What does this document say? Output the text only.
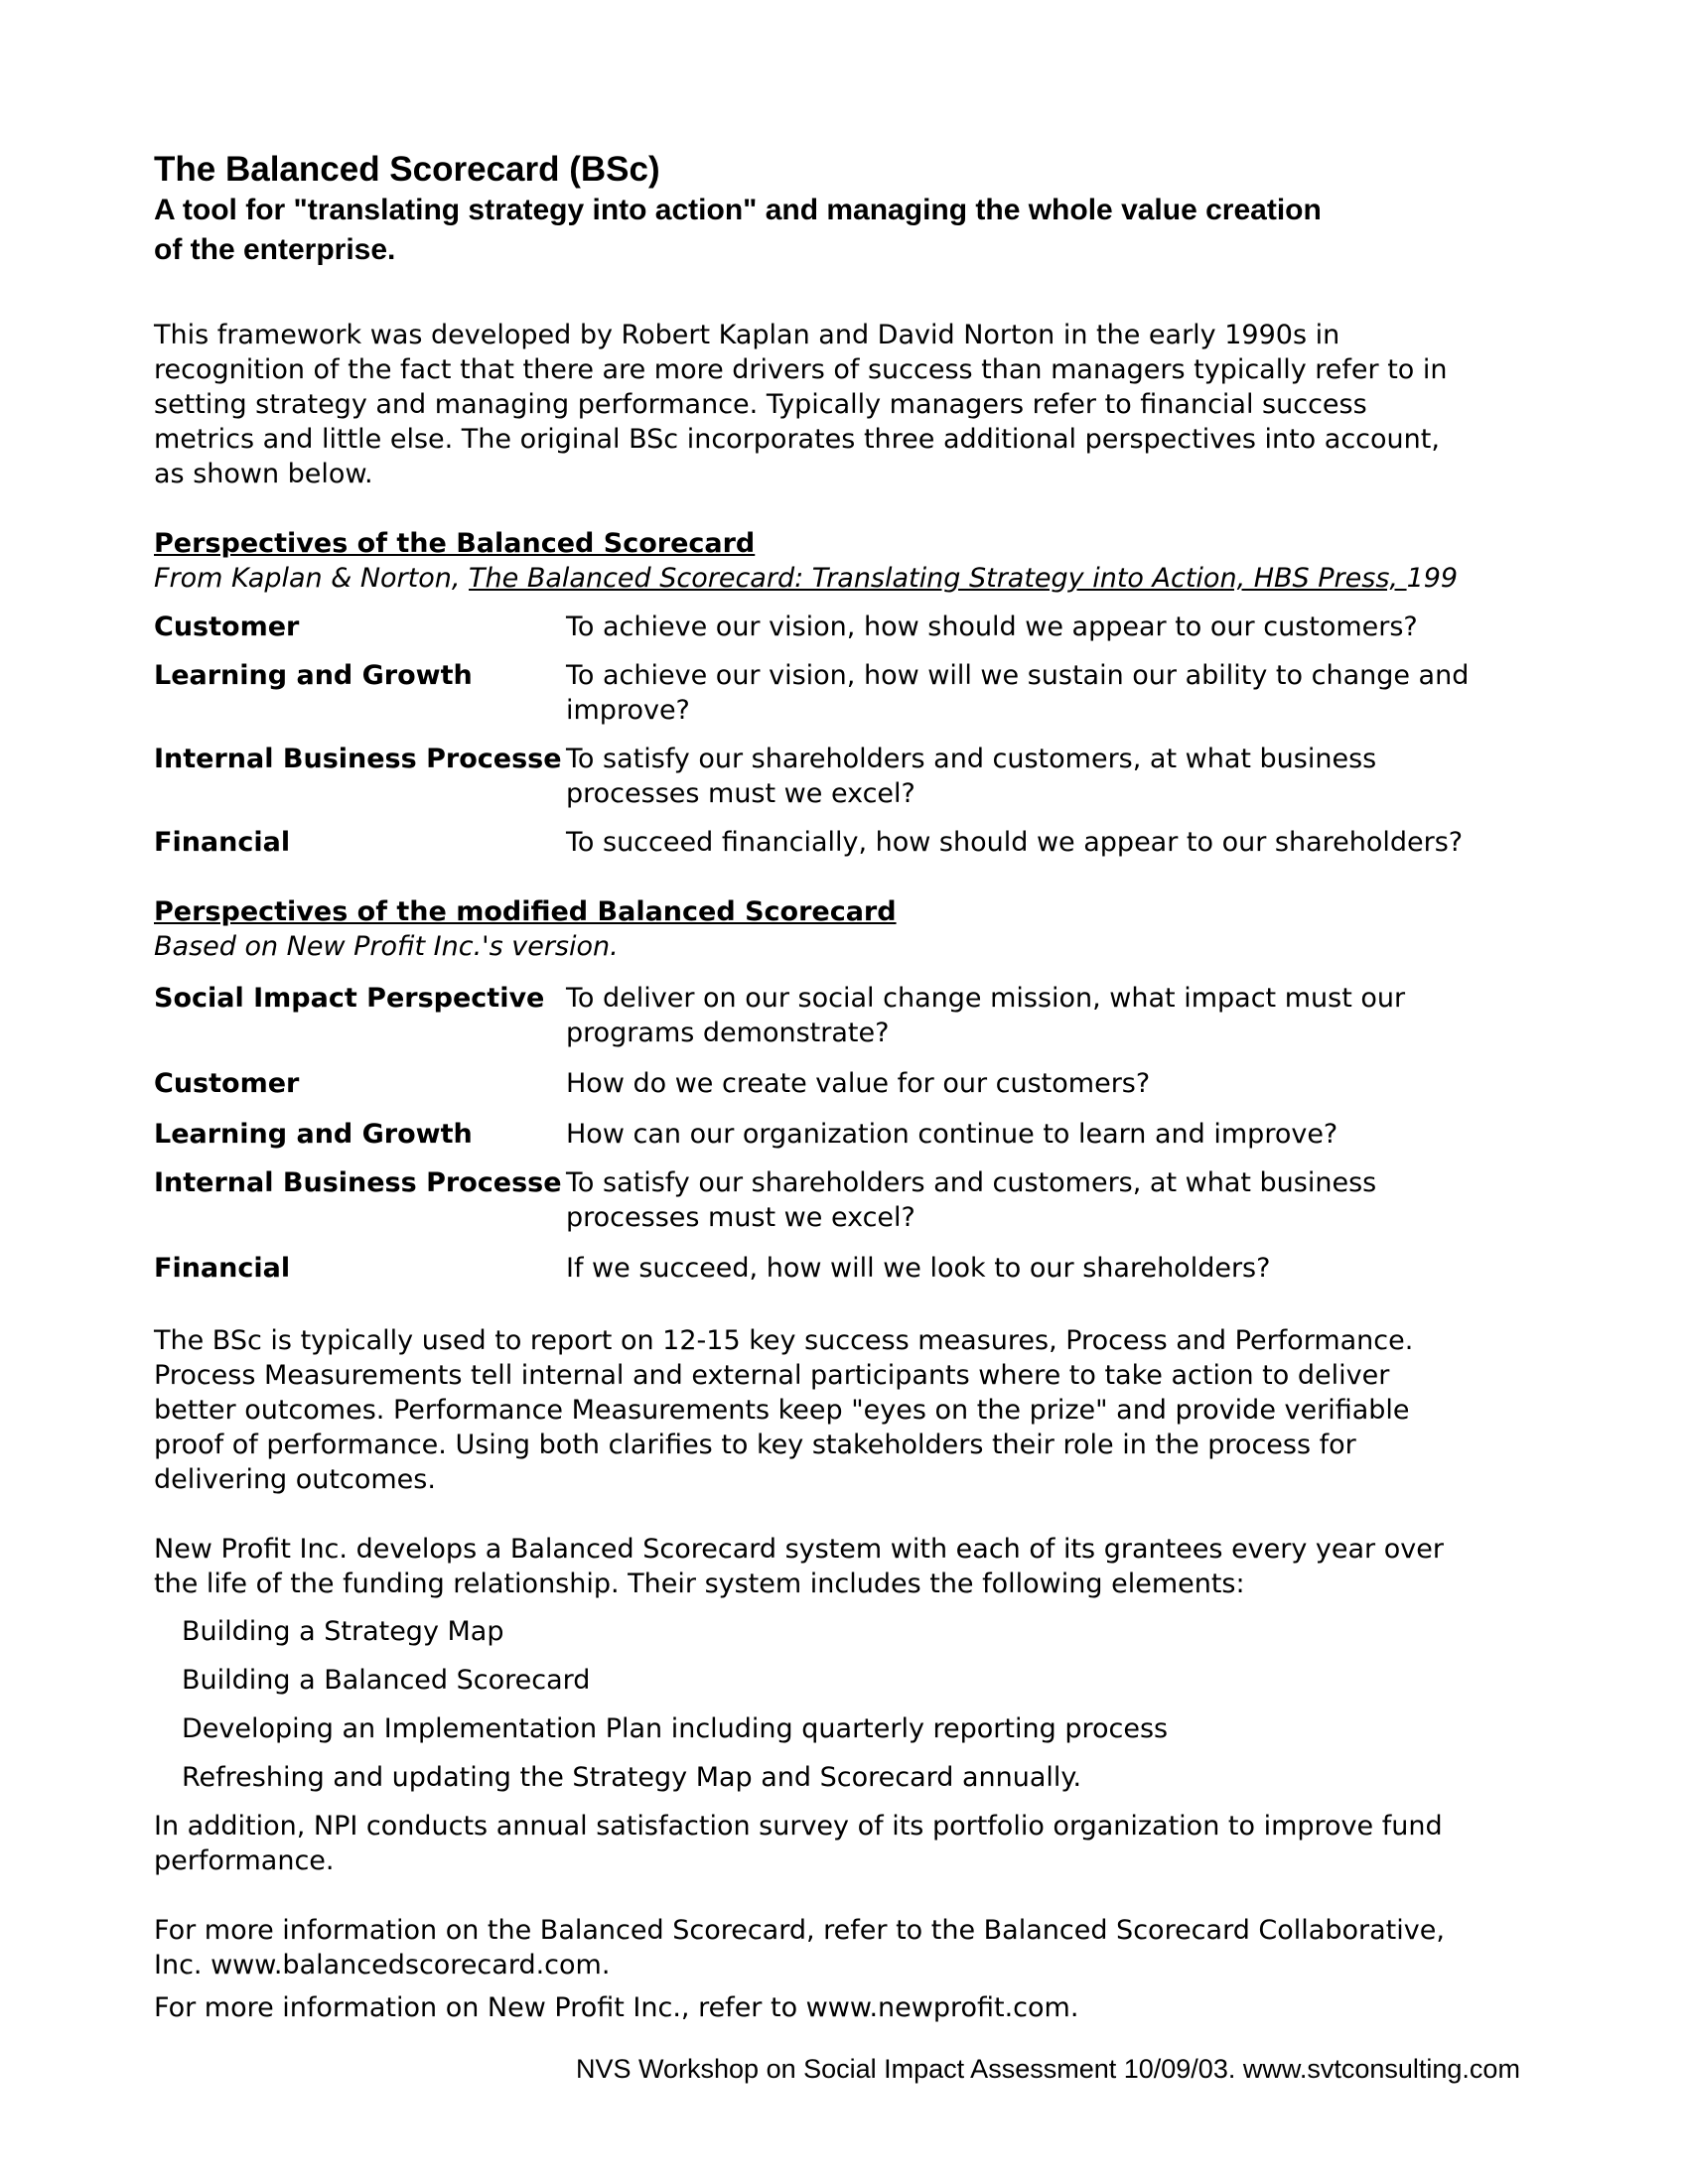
The Balanced Scorecard (BSc)

A tool for "translating strategy into action" and managing the whole value creation of the enterprise.

This framework was developed by Robert Kaplan and David Norton in the early 1990s in recognition of the fact that there are more drivers of success than managers typically refer to in setting strategy and managing performance. Typically managers refer to financial success metrics and little else. The original BSc incorporates three additional perspectives into account, as shown below.

Perspectives of the Balanced Scorecard
From Kaplan & Norton, The Balanced Scorecard: Translating Strategy into Action, HBS Press, 199
Customer	To achieve our vision, how should we appear to our customers?
Learning and Growth	To achieve our vision, how will we sustain our ability to change and improve?
Internal Business Processe To satisfy our shareholders and customers, at what business processes must we excel?
Financial	To succeed financially, how should we appear to our shareholders?
Perspectives of the modified Balanced Scorecard
Based on New Profit Inc.'s version.
Social Impact Perspective To deliver on our social change mission, what impact must our programs demonstrate?
Customer	How do we create value for our customers?
Learning and Growth	How can our organization continue to learn and improve?
Internal Business Processe To satisfy our shareholders and customers, at what business processes must we excel?
Financial	If we succeed, how will we look to our shareholders?

The BSc is typically used to report on 12-15 key success measures, Process and Performance. Process Measurements tell internal and external participants where to take action to deliver better outcomes. Performance Measurements keep "eyes on the prize" and provide verifiable proof of performance. Using both clarifies to key stakeholders their role in the process for delivering outcomes.

New Profit Inc. develops a Balanced Scorecard system with each of its grantees every year over the life of the funding relationship. Their system includes the following elements:

Building a Strategy Map
Building a Balanced Scorecard
Developing an Implementation Plan including quarterly reporting process
Refreshing and updating the Strategy Map and Scorecard annually.

In addition, NPI conducts annual satisfaction survey of its portfolio organization to improve fund performance.

For more information on the Balanced Scorecard, refer to the Balanced Scorecard Collaborative, Inc. www.balancedscorecard.com.

For more information on New Profit Inc., refer to www.newprofit.com.

NVS Workshop on Social Impact Assessment 10/09/03. www.svtconsulting.com
